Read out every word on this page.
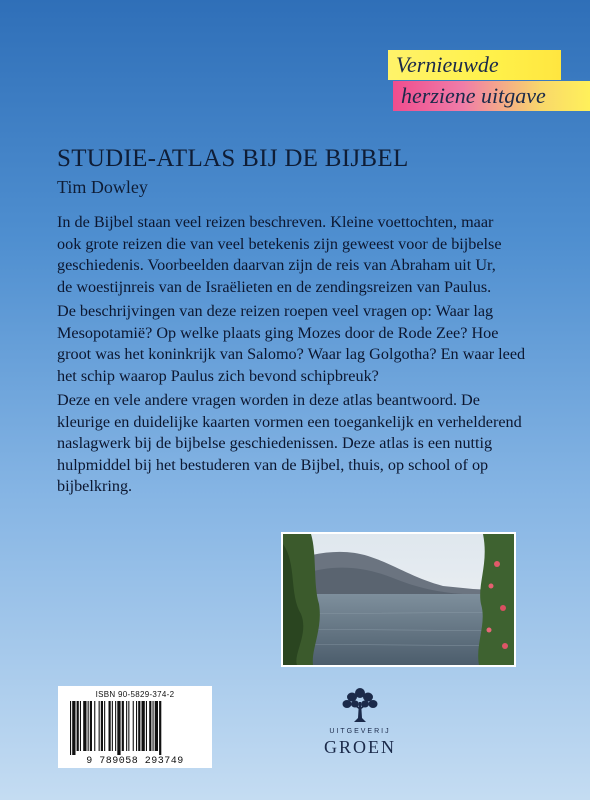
Vernieuwde
herziene uitgave
STUDIE-ATLAS BIJ DE BIJBEL
Tim Dowley
In de Bijbel staan veel reizen beschreven. Kleine voettochten, maar
ook grote reizen die van veel betekenis zijn geweest voor de bijbelse
geschiedenis. Voorbeelden daarvan zijn de reis van Abraham uit Ur,
de woestijnreis van de Israëlieten en de zendingsreizen van Paulus.
De beschrijvingen van deze reizen roepen veel vragen op: Waar lag
Mesopotamië? Op welke plaats ging Mozes door de Rode Zee? Hoe
groot was het koninkrijk van Salomo? Waar lag Golgotha? En waar leed
het schip waarop Paulus zich bevond schipbreuk?
Deze en vele andere vragen worden in deze atlas beantwoord. De
kleurige en duidelijke kaarten vormen een toegankelijk en verhelderend
naslagwerk bij de bijbelse geschiedenissen. Deze atlas is een nuttig
hulpmiddel bij het bestuderen van de Bijbel, thuis, op school of op
bijbelkring.
ISBN 90-5829-374-2
9 789058 293749
UITGEVERIJ
GROEN
